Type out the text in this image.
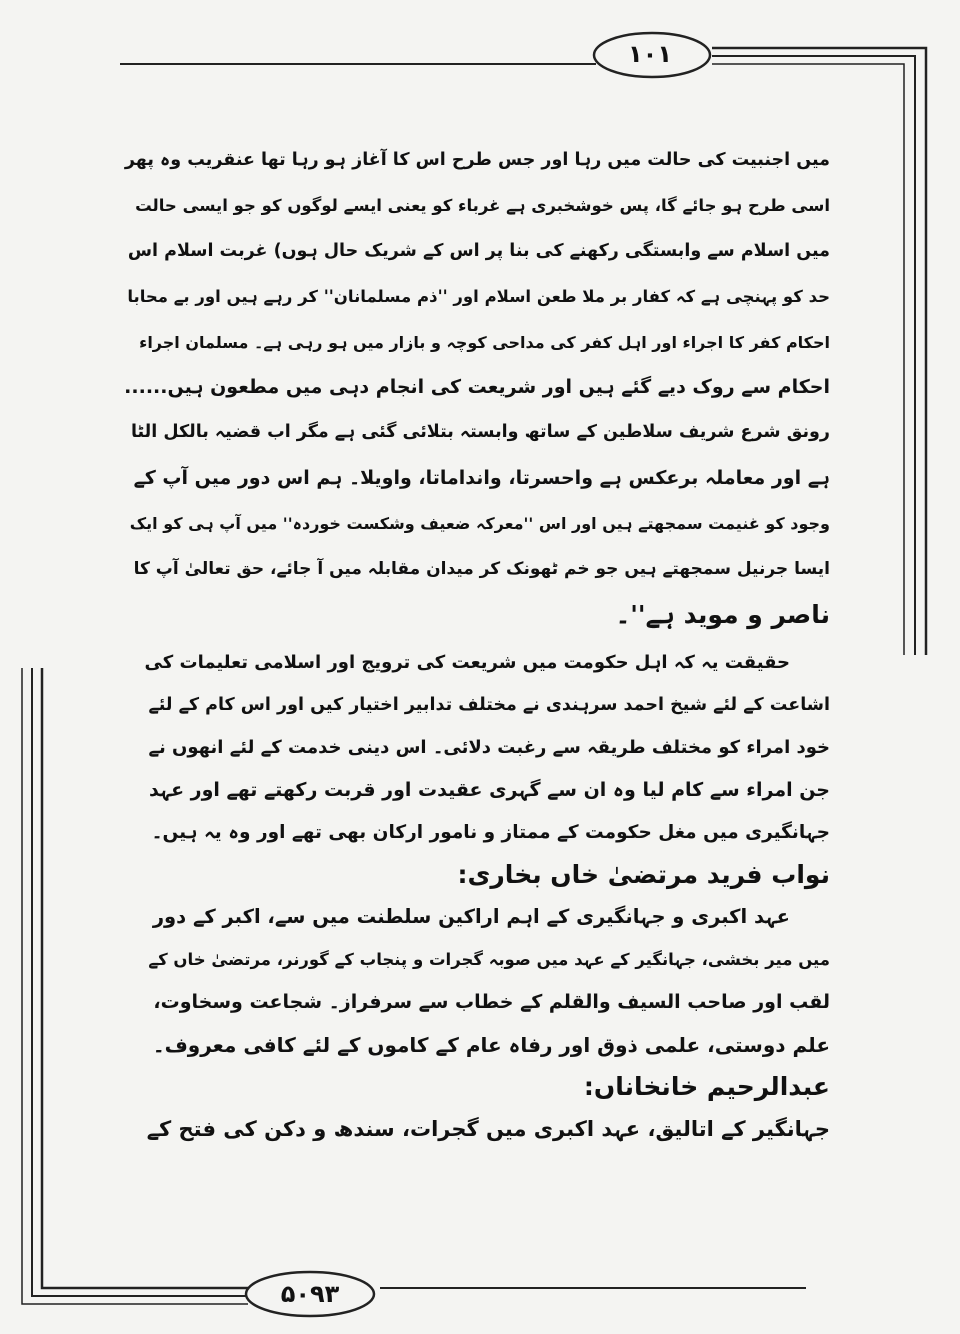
۱۰۱
۵۰۹۳
میں اجنبیت کی حالت میں رہا اور جس طرح اس کا آغاز ہو رہا تھا عنقریب وہ پھر
اسی طرح ہو جائے گا، پس خوشخبری ہے غرباء کو یعنی ایسے لوگوں کو جو ایسی حالت
میں اسلام سے وابستگی رکھنے کی بنا پر اس کے شریک حال ہوں) غربت اسلام اس
حد کو پہنچی ہے کہ کفار بر ملا طعن اسلام اور ''ذم مسلمانان'' کر رہے ہیں اور بے محابا
احکام کفر کا اجراء اور اہل کفر کی مداحی کوچہ و بازار میں ہو رہی ہے۔ مسلمان اجراء
احکام سے روک دیے گئے ہیں اور شریعت کی انجام دہی میں مطعون ہیں......
رونق شرع شریف سلاطین کے ساتھ وابستہ بتلائی گئی ہے مگر اب قضیہ بالکل الٹا
ہے اور معاملہ برعکس ہے واحسرتا، وانداماتا، واویلا۔ ہم اس دور میں آپ کے
وجود کو غنیمت سمجھتے ہیں اور اس ''معرکہ ضعیف وشکست خوردہ'' میں آپ ہی کو ایک
ایسا جرنیل سمجھتے ہیں جو خم ٹھونک کر میدان مقابلہ میں آ جائے، حق تعالیٰ آپ کا
ناصر و موید ہے''۔
حقیقت یہ کہ اہل حکومت میں شریعت کی ترویج اور اسلامی تعلیمات کی
اشاعت کے لئے شیخ احمد سرہندی نے مختلف تدابیر اختیار کیں اور اس کام کے لئے
خود امراء کو مختلف طریقہ سے رغبت دلائی۔ اس دینی خدمت کے لئے انھوں نے
جن امراء سے کام لیا وہ ان سے گہری عقیدت اور قربت رکھتے تھے اور عہد
جہانگیری میں مغل حکومت کے ممتاز و نامور ارکان بھی تھے اور وہ یہ ہیں۔
نواب فرید مرتضیٰ خاں بخاری:
عہد اکبری و جہانگیری کے اہم اراکین سلطنت میں سے، اکبر کے دور
میں میر بخشی، جہانگیر کے عہد میں صوبہ گجرات و پنجاب کے گورنر، مرتضیٰ خاں کے
لقب اور صاحب السیف والقلم کے خطاب سے سرفراز۔ شجاعت وسخاوت،
علم دوستی، علمی ذوق اور رفاہ عام کے کاموں کے لئے کافی معروف۔
عبدالرحیم خانخاناں:
جہانگیر کے اتالیق، عہد اکبری میں گجرات، سندھ و دکن کی فتح کے
